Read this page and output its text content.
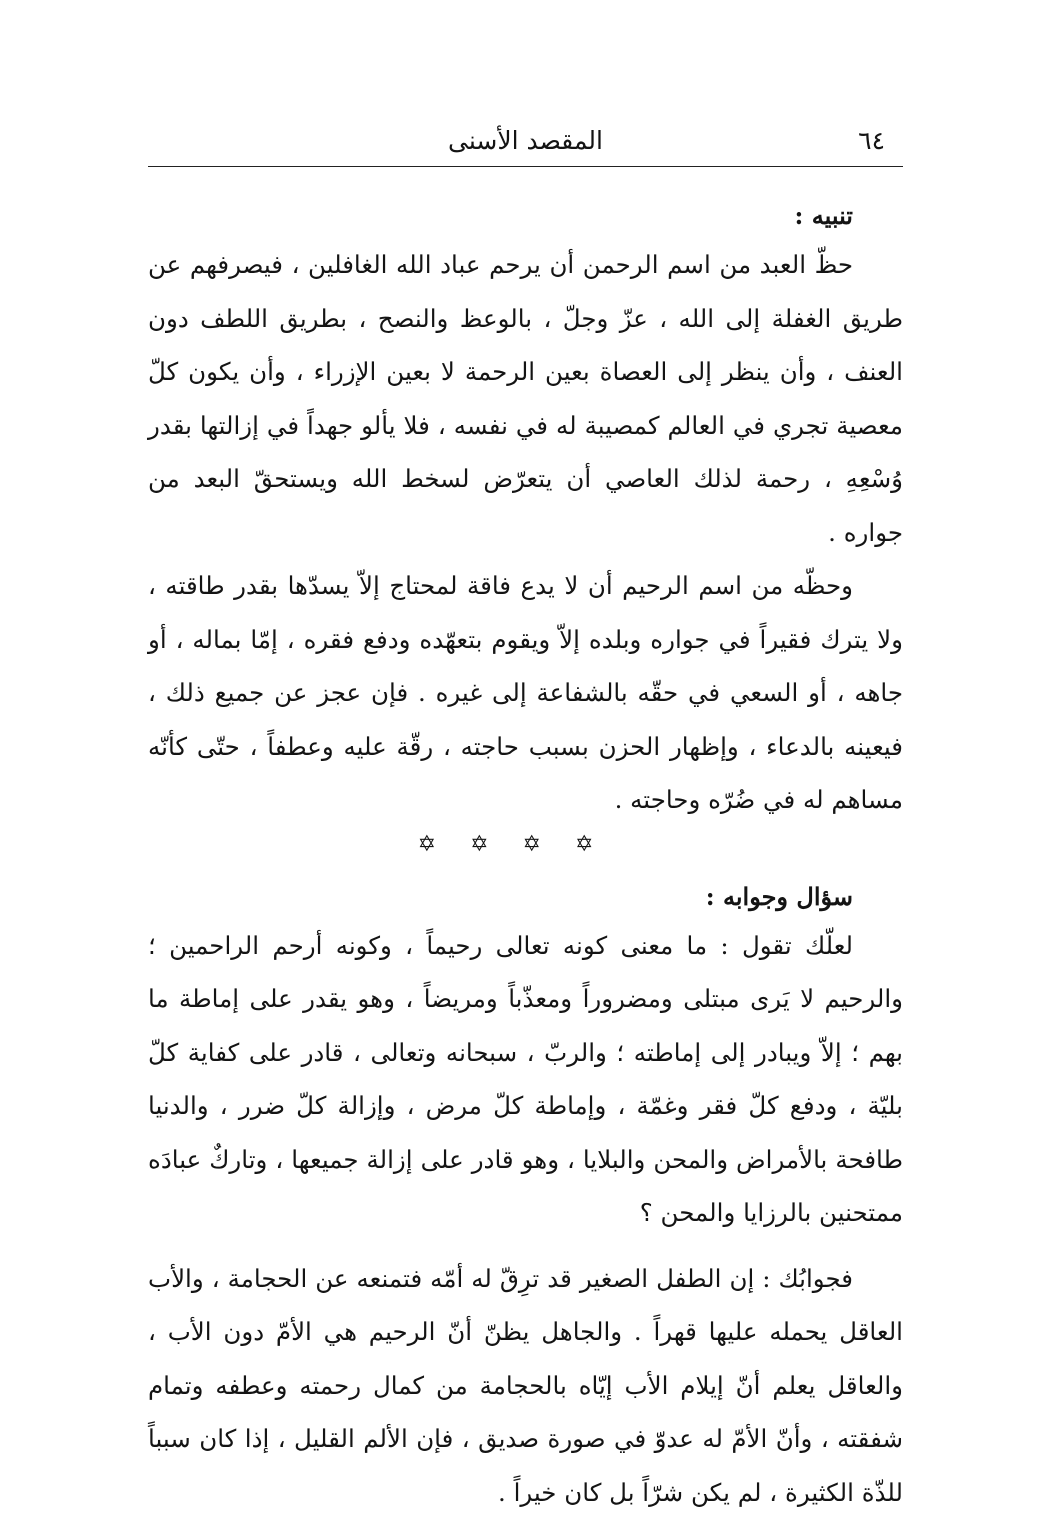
٦٤
المقصد الأسنى
تنبيه :

حظّ العبد من اسم الرحمن أن يرحم عباد الله الغافلين ، فيصرفهم عن طريق الغفلة إلى الله ، عزّ وجلّ ، بالوعظ والنصح ، بطريق اللطف دون العنف ، وأن ينظر إلى العصاة بعين الرحمة لا بعين الإزراء ، وأن يكون كلّ معصية تجري في العالم كمصيبة له في نفسه ، فلا يألو جهداً في إزالتها بقدر وُسْعِهِ ، رحمة لذلك العاصي أن يتعرّض لسخط الله ويستحقّ البعد من جواره .

وحظّه من اسم الرحيم أن لا يدع فاقة لمحتاج إلاّ يسدّها بقدر طاقته ، ولا يترك فقيراً في جواره وبلده إلاّ ويقوم بتعهّده ودفع فقره ، إمّا بماله ، أو جاهه ، أو السعي في حقّه بالشفاعة إلى غيره . فإن عجز عن جميع ذلك ، فيعينه بالدعاء ، وإظهار الحزن بسبب حاجته ، رقّة عليه وعطفاً ، حتّى كأنّه مساهم له في ضُرّه وحاجته .

✡
✡
✡
✡
سؤال وجوابه :

لعلّك تقول : ما معنى كونه تعالى رحيماً ، وكونه أرحم الراحمين ؛ والرحيم لا يَرى مبتلى ومضروراً ومعذّباً ومريضاً ، وهو يقدر على إماطة ما بهم ؛ إلاّ ويبادر إلى إماطته ؛ والربّ ، سبحانه وتعالى ، قادر على كفاية كلّ بليّة ، ودفع كلّ فقر وغمّة ، وإماطة كلّ مرض ، وإزالة كلّ ضرر ، والدنيا طافحة بالأمراض والمحن والبلايا ، وهو قادر على إزالة جميعها ، وتاركٌ عبادَه ممتحنين بالرزايا والمحن ؟

فجوابُك : إن الطفل الصغير قد ترِقّ له أمّه فتمنعه عن الحجامة ، والأب العاقل يحمله عليها قهراً . والجاهل يظنّ أنّ الرحيم هي الأمّ دون الأب ، والعاقل يعلم أنّ إيلام الأب إيّاه بالحجامة من كمال رحمته وعطفه وتمام شفقته ، وأنّ الأمّ له عدوّ في صورة صديق ، فإن الألم القليل ، إذا كان سبباً للذّة الكثيرة ، لم يكن شرّاً بل كان خيراً .
